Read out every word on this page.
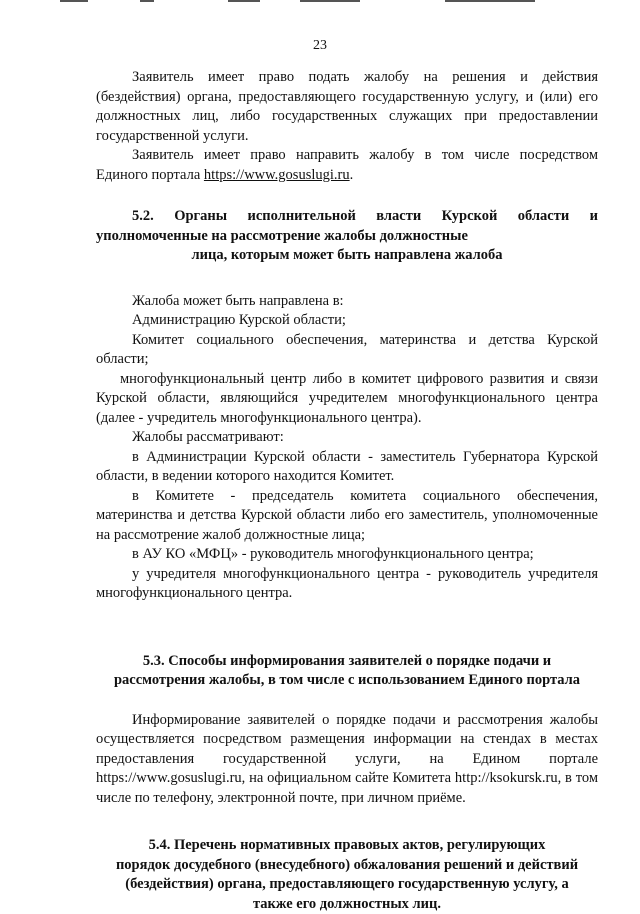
23

Заявитель имеет право подать жалобу на решения и действия (бездействия) органа, предоставляющего государственную услугу, и (или) его должностных лиц, либо государственных служащих при предоставлении государственной услуги.

Заявитель имеет право направить жалобу в том числе посредством Единого портала https://www.gosuslugi.ru.

5.2. Органы исполнительной власти Курской области и
уполномоченные на рассмотрение жалобы должностные
лица, которым может быть направлена жалоба

Жалоба может быть направлена в:

Администрацию Курской области;

Комитет социального обеспечения, материнства и детства Курской области;

многофункциональный центр либо в комитет цифрового развития и связи Курской области, являющийся учредителем многофункционального центра (далее - учредитель многофункционального центра).

Жалобы рассматривают:

в Администрации Курской области - заместитель Губернатора Курской области, в ведении которого находится Комитет.

в Комитете - председатель комитета социального обеспечения, материнства и детства Курской области либо его заместитель, уполномоченные на рассмотрение жалоб должностные лица;

в АУ КО «МФЦ» - руководитель многофункционального центра;

у учредителя многофункционального центра - руководитель учредителя многофункционального центра.

5.3. Способы информирования заявителей о порядке подачи и
рассмотрения жалобы, в том числе с использованием Единого портала

Информирование заявителей о порядке подачи и рассмотрения жалобы осуществляется посредством размещения информации на стендах в местах предоставления государственной услуги, на Едином портале https://www.gosuslugi.ru, на официальном сайте Комитета http://ksokursk.ru, в том числе по телефону, электронной почте, при личном приёме.

5.4. Перечень нормативных правовых актов, регулирующих
порядок досудебного (внесудебного) обжалования решений и действий
(бездействия) органа, предоставляющего государственную услугу, а
также его должностных лиц.
